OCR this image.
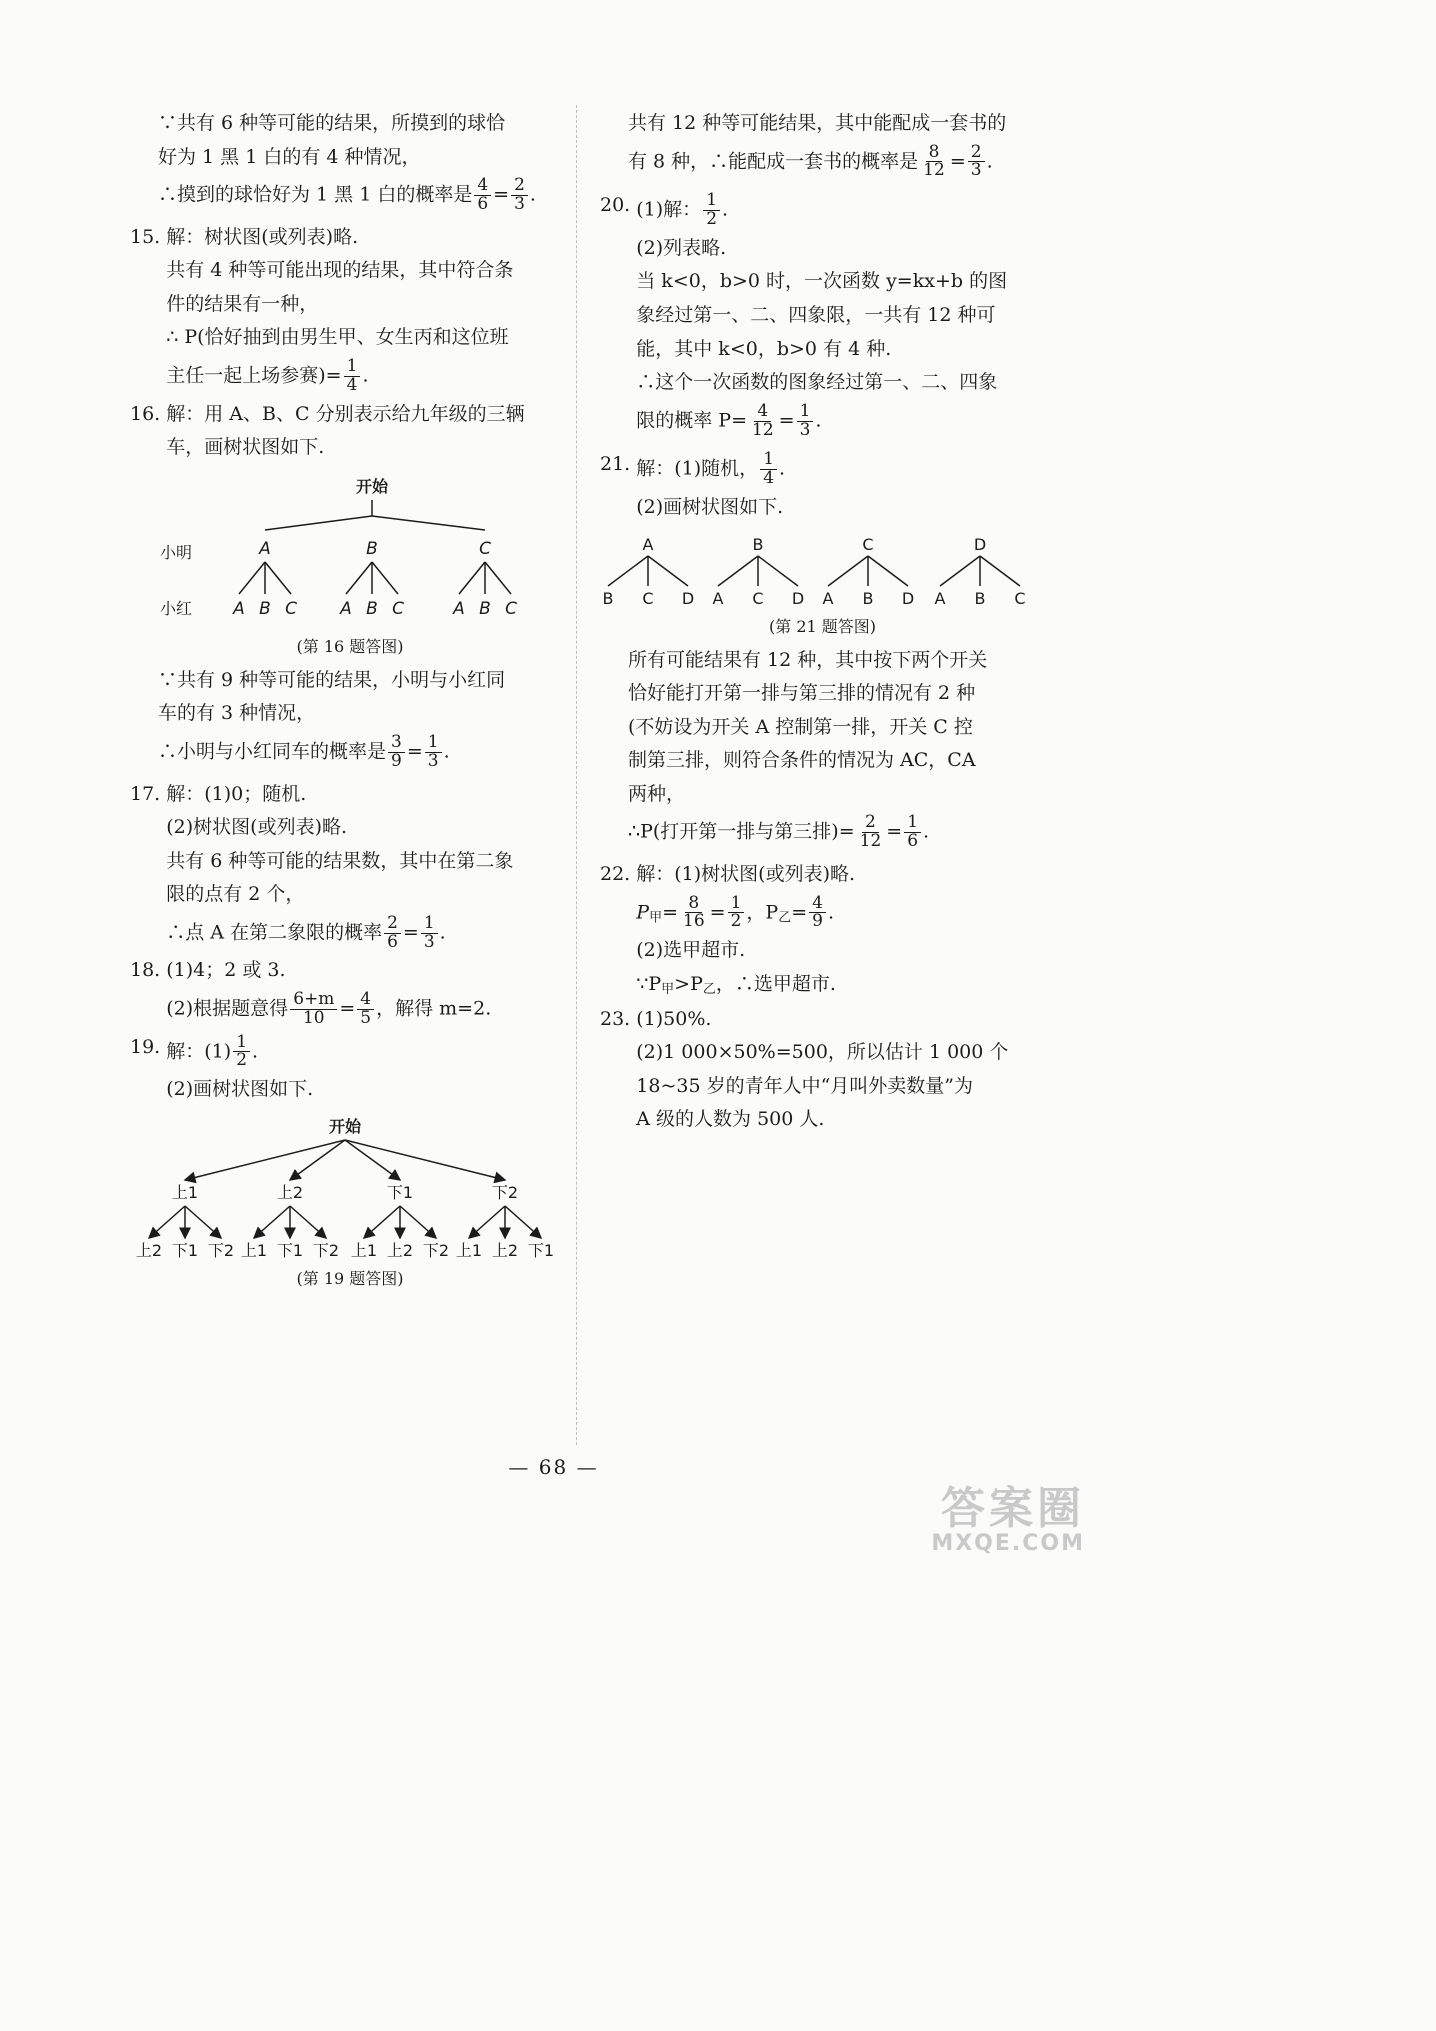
∵共有 6 种等可能的结果，所摸到的球恰
好为 1 黑 1 白的有 4 种情况，
∴摸到的球恰好为 1 黑 1 白的概率是 $\frac{4}{6} = \frac{2}{3}$ .
15. 解：树状图(或列表)略.
共有 4 种等可能出现的结果，其中符合条
件的结果有一种，
∴ P(恰好抽到由男生甲、女生丙和这位班
主任一起上场参赛)= $\frac{1}{4}$ .
16. 解：用 A、B、C 分别表示给九年级的三辆
车，画树状图如下.
开始
小明
小红
A	B	C
A B C	A B C	A B C
(第 16 题答图)
∵共有 9 种等可能的结果，小明与小红同
车的有 3 种情况，
∴小明与小红同车的概率是 $\frac{3}{9} = \frac{1}{3}$ .
17. 解：(1)0；随机.
(2)树状图(或列表)略.
共有 6 种等可能的结果数，其中在第二象
限的点有 2 个，
∴点 A 在第二象限的概率 $\frac{2}{6} = \frac{1}{3}$ .
18. (1)4；2 或 3.
(2)根据题意得 $\frac{6+m}{10} = \frac{4}{5}$ ，解得 m=2.
19. 解：$(1) \frac{1}{2}$ .
(2)画树状图如下.
开始
上1	上2	下1	下2
上2 下1 下2 上1 下1 下2 上1 上2 下2 上1 上2 下1
(第 19 题答图)
共有 12 种等可能结果，其中能配成一套书的
有 8 种，∴能配成一套书的概率是 $\frac{8}{12} = \frac{2}{3}$ .
20. (1)解： $\frac{1}{2}$ .
(2)列表略.
当 k<0，b>0 时，一次函数 y=kx+b 的图
象经过第一、二、四象限，一共有 12 种可
能，其中 k<0，b>0 有 4 种.
∴这个一次函数的图象经过第一、二、四象
限的概率 $P= \frac{4}{12} = \frac{1}{3}$ .
21. 解：(1)随机， $\frac{1}{4}$ .
(2)画树状图如下.
A	B	C	D
B C D A C D A B D A B C
(第 21 题答图)
所有可能结果有 12 种，其中按下两个开关
恰好能打开第一排与第三排的情况有 2 种
(不妨设为开关 A 控制第一排，开关 C 控
制第三排，则符合条件的情况为 AC，CA
两种，
∴P(打开第一排与第三排)= $\frac{2}{12} = \frac{1}{6}$ .
22. 解：(1)树状图(或列表)略.
$P_甲= \frac{8}{16} = \frac{1}{2}$ ，$P_乙= \frac{4}{9}$ .
(2)选甲超市.
$\because P_甲>P_乙$，∴选甲超市.
23. (1)50%.
(2)1 000×50%=500，所以估计 1 000 个
18~35 岁的青年人中“月叫外卖数量”为
A 级的人数为 500 人.
— 68 —
答案圈
MXQE.COM
